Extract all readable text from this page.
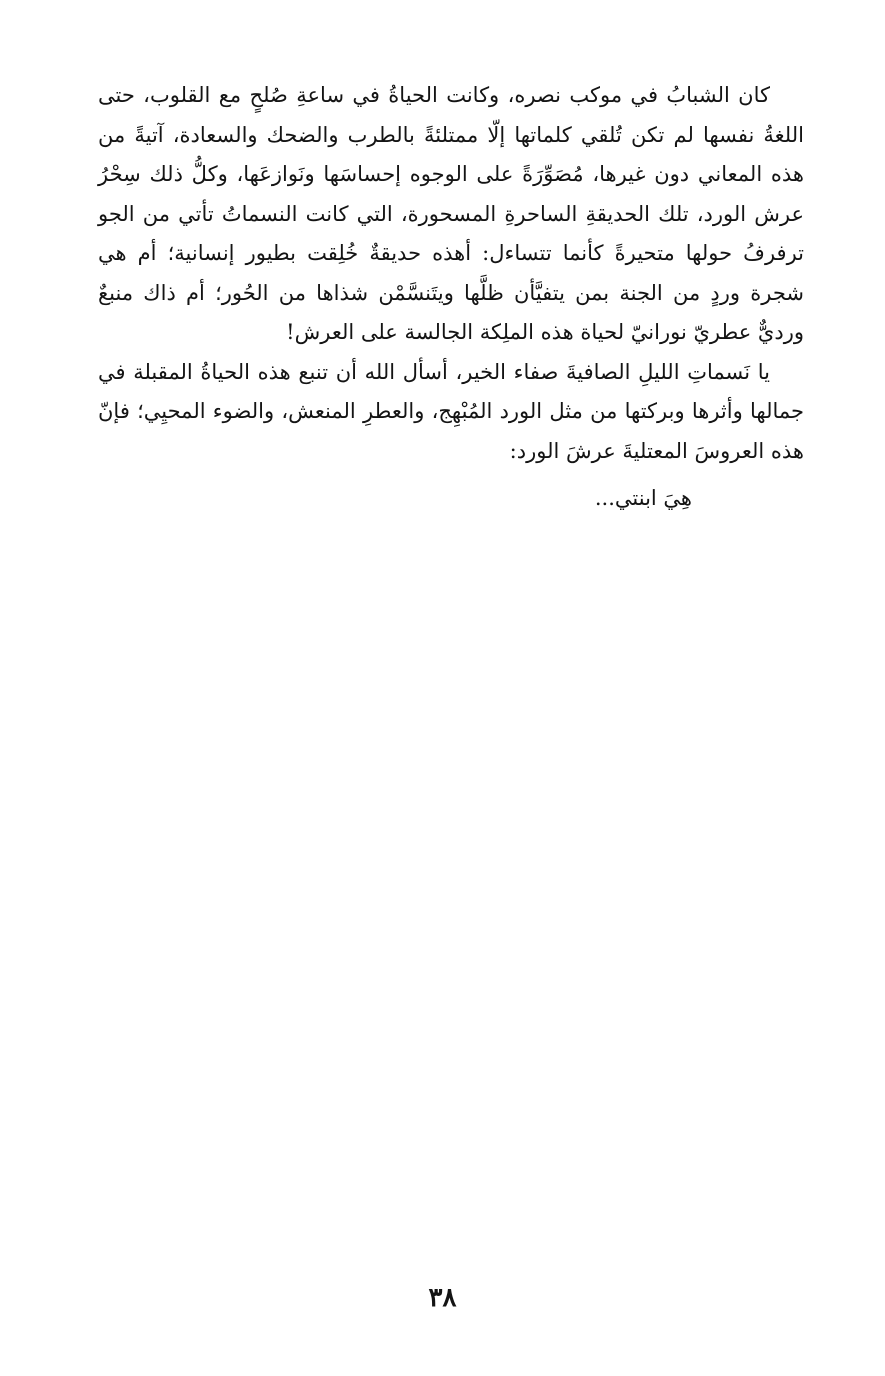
كان الشبابُ في موكب نصره، وكانت الحياةُ في ساعةِ صُلحٍ مع القلوب، حتى اللغةُ نفسها لم تكن تُلقي كلماتها إلّا ممتلئةً بالطرب والضحك والسعادة، آتيةً من هذه المعاني دون غيرها، مُصَوِّرَةً على الوجوه إحساسَها ونَوازعَها، وكلُّ ذلك سِحْرُ عرش الورد، تلك الحديقةِ الساحرةِ المسحورة، التي كانت النسماتُ تأتي من الجو ترفرفُ حولها متحيرةً كأنما تتساءل: أهذه حديقةٌ خُلِقت بطيور إنسانية؛ أم هي شجرة وردٍ من الجنة بمن يتفيَّأن ظلَّها ويتَنسَّمْن شذاها من الحُور؛ أم ذاك منبعٌ ورديٌّ عطريّ نورانيّ لحياة هذه الملِكة الجالسة على العرش!

يا نَسماتِ الليلِ الصافيةَ صفاء الخير، أسأل الله أن تنبع هذه الحياةُ المقبلة في جمالها وأثرها وبركتها من مثل الورد المُبْهِج، والعطرِ المنعش، والضوء المحيِي؛ فإنّ هذه العروسَ المعتليةَ عرشَ الورد:

هِيَ ابنتي...

٣٨
